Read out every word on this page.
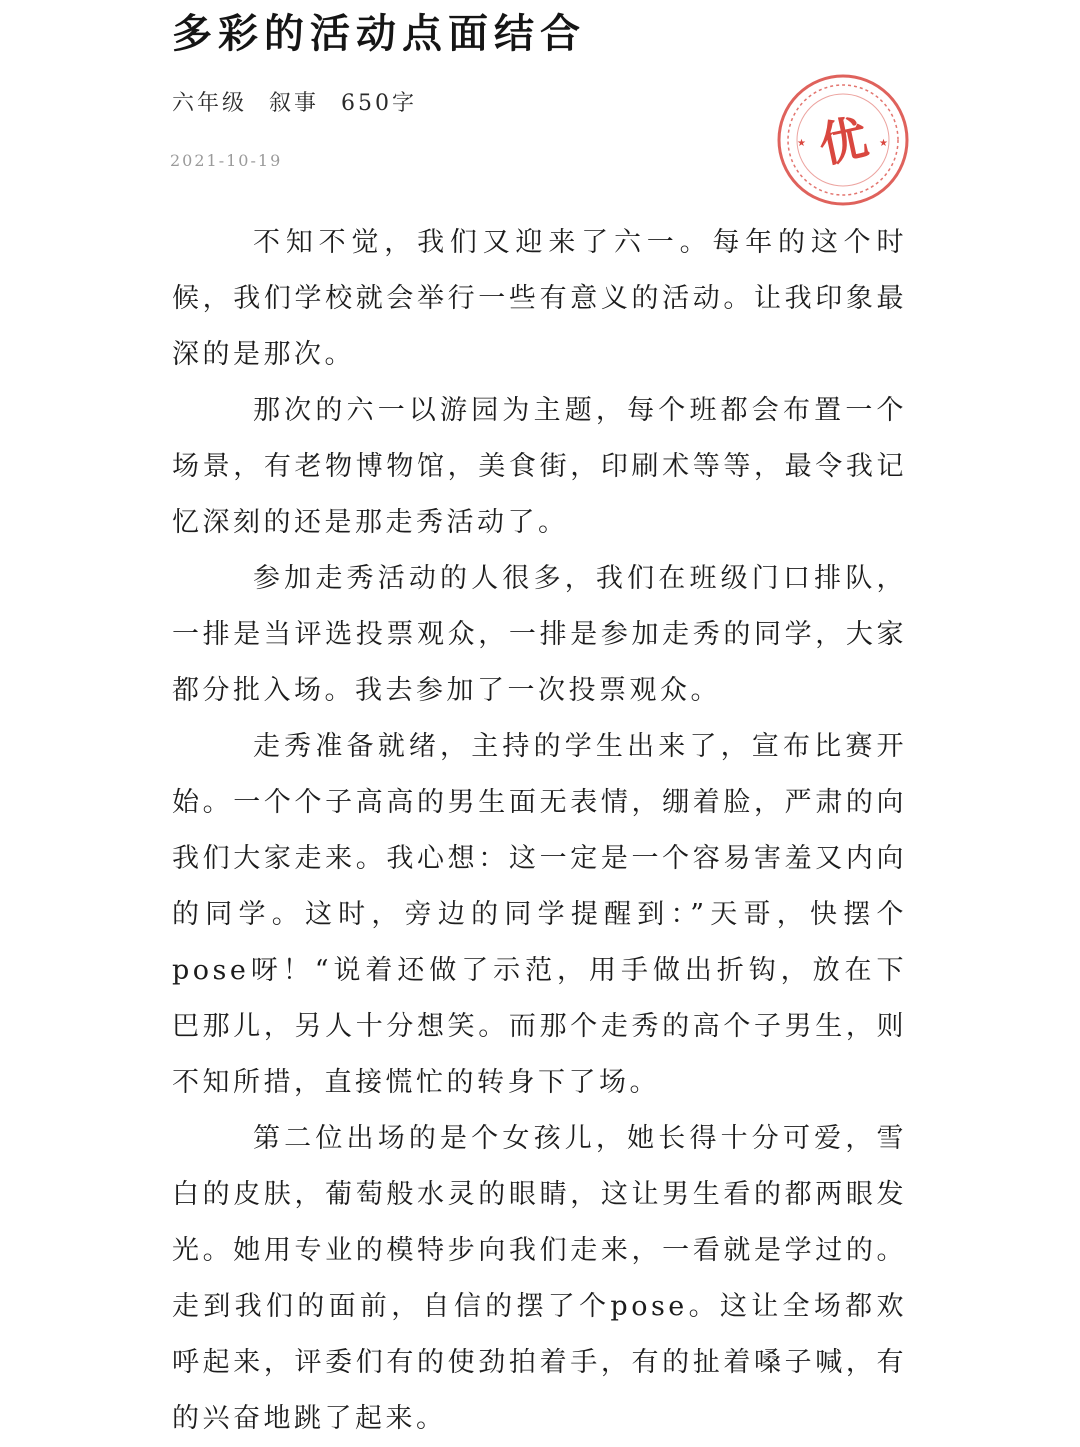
多彩的活动点面结合
六年级 叙事 650字
2021-10-19
★	★
优

不知不觉，我们又迎来了六一。每年的这个时候，我们学校就会举行一些有意义的活动。让我印象最深的是那次。

那次的六一以游园为主题，每个班都会布置一个场景，有老物博物馆，美食街，印刷术等等，最令我记忆深刻的还是那走秀活动了。

参加走秀活动的人很多，我们在班级门口排队，一排是当评选投票观众，一排是参加走秀的同学，大家都分批入场。我去参加了一次投票观众。

走秀准备就绪，主持的学生出来了，宣布比赛开始。一个个子高高的男生面无表情，绷着脸，严肃的向我们大家走来。我心想：这一定是一个容易害羞又内向的同学。这时，旁边的同学提醒到：”天哥，快摆个pose呀！“说着还做了示范，用手做出折钩，放在下巴那儿，另人十分想笑。而那个走秀的高个子男生，则不知所措，直接慌忙的转身下了场。

第二位出场的是个女孩儿，她长得十分可爱，雪白的皮肤，葡萄般水灵的眼睛，这让男生看的都两眼发光。她用专业的模特步向我们走来，一看就是学过的。走到我们的面前，自信的摆了个pose。这让全场都欢呼起来，评委们有的使劲拍着手，有的扯着嗓子喊，有的兴奋地跳了起来。
